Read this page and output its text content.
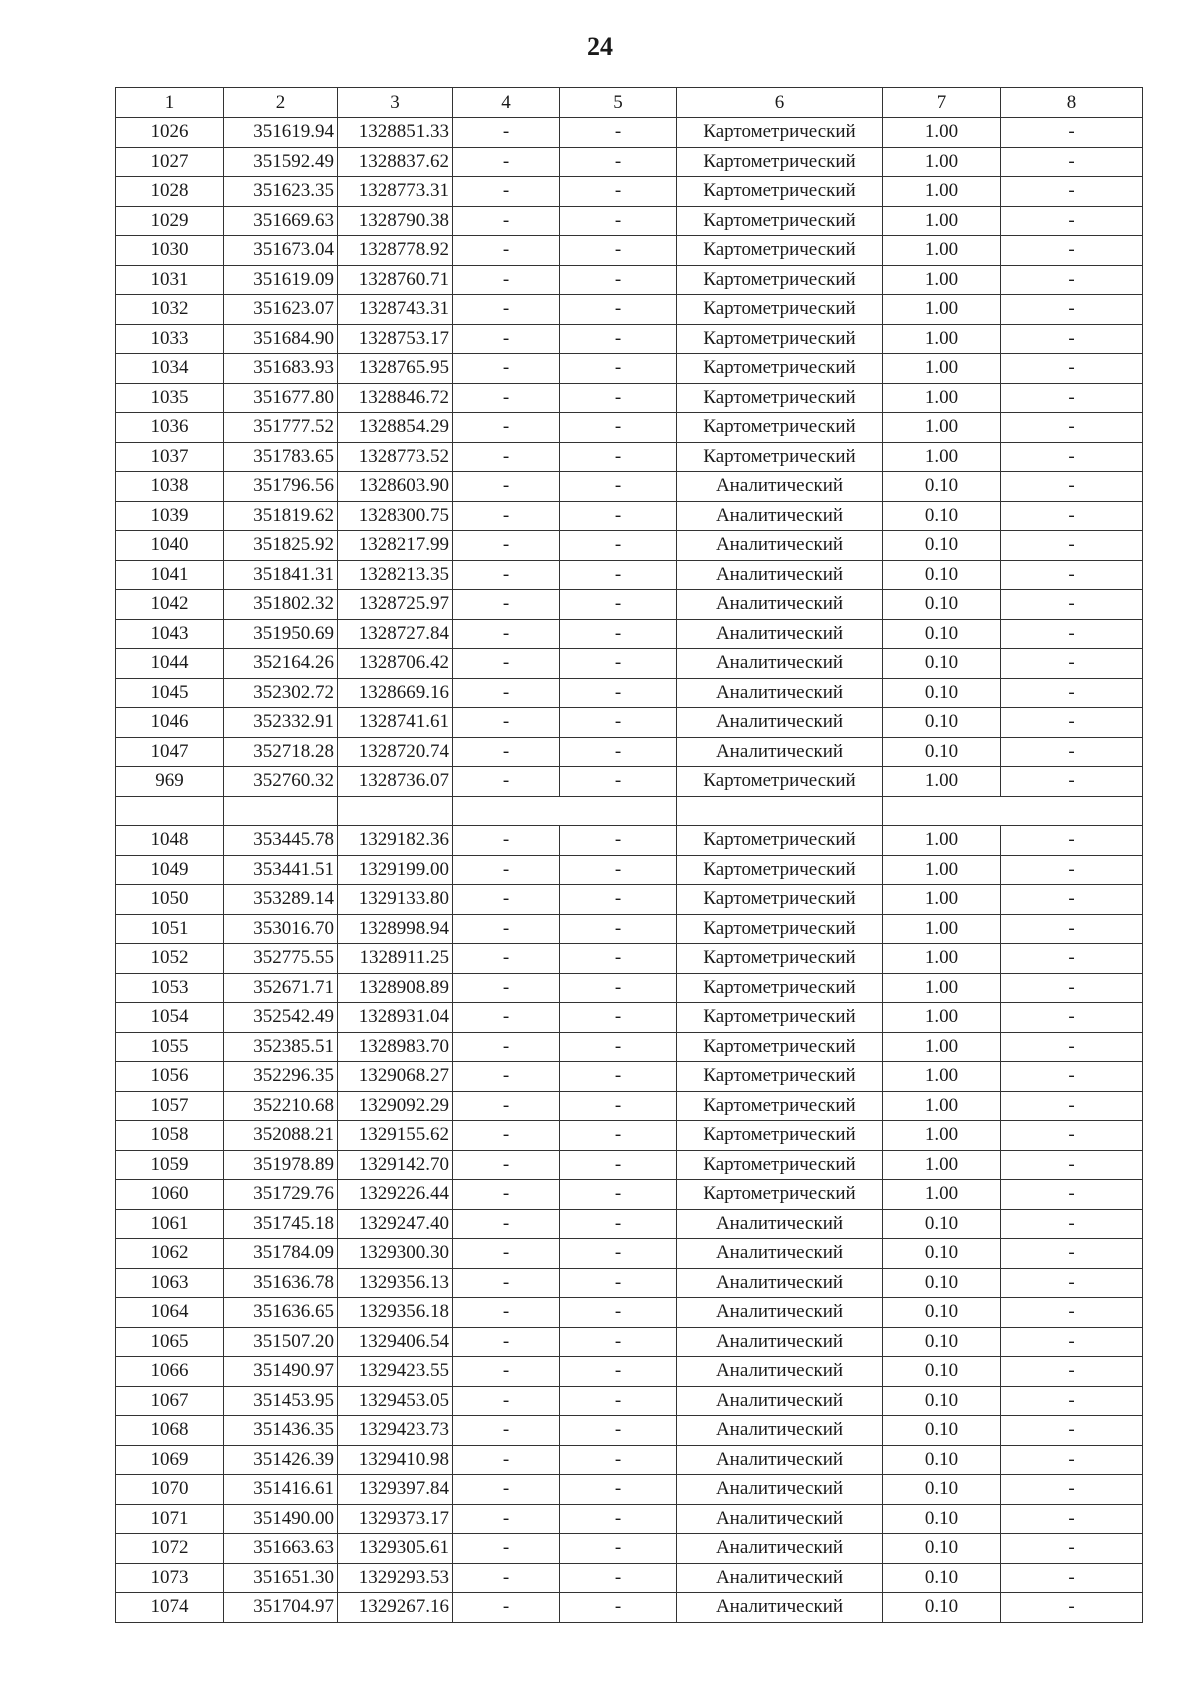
24
1	2	3	4	5	6	7	8
1026	351619.94	1328851.33	-	-	Картометрический	1.00	-
1027	351592.49	1328837.62	-	-	Картометрический	1.00	-
1028	351623.35	1328773.31	-	-	Картометрический	1.00	-
1029	351669.63	1328790.38	-	-	Картометрический	1.00	-
1030	351673.04	1328778.92	-	-	Картометрический	1.00	-
1031	351619.09	1328760.71	-	-	Картометрический	1.00	-
1032	351623.07	1328743.31	-	-	Картометрический	1.00	-
1033	351684.90	1328753.17	-	-	Картометрический	1.00	-
1034	351683.93	1328765.95	-	-	Картометрический	1.00	-
1035	351677.80	1328846.72	-	-	Картометрический	1.00	-
1036	351777.52	1328854.29	-	-	Картометрический	1.00	-
1037	351783.65	1328773.52	-	-	Картометрический	1.00	-
1038	351796.56	1328603.90	-	-	Аналитический	0.10	-
1039	351819.62	1328300.75	-	-	Аналитический	0.10	-
1040	351825.92	1328217.99	-	-	Аналитический	0.10	-
1041	351841.31	1328213.35	-	-	Аналитический	0.10	-
1042	351802.32	1328725.97	-	-	Аналитический	0.10	-
1043	351950.69	1328727.84	-	-	Аналитический	0.10	-
1044	352164.26	1328706.42	-	-	Аналитический	0.10	-
1045	352302.72	1328669.16	-	-	Аналитический	0.10	-
1046	352332.91	1328741.61	-	-	Аналитический	0.10	-
1047	352718.28	1328720.74	-	-	Аналитический	0.10	-
969	352760.32	1328736.07	-	-	Картометрический	1.00	-

1048	353445.78	1329182.36	-	-	Картометрический	1.00	-
1049	353441.51	1329199.00	-	-	Картометрический	1.00	-
1050	353289.14	1329133.80	-	-	Картометрический	1.00	-
1051	353016.70	1328998.94	-	-	Картометрический	1.00	-
1052	352775.55	1328911.25	-	-	Картометрический	1.00	-
1053	352671.71	1328908.89	-	-	Картометрический	1.00	-
1054	352542.49	1328931.04	-	-	Картометрический	1.00	-
1055	352385.51	1328983.70	-	-	Картометрический	1.00	-
1056	352296.35	1329068.27	-	-	Картометрический	1.00	-
1057	352210.68	1329092.29	-	-	Картометрический	1.00	-
1058	352088.21	1329155.62	-	-	Картометрический	1.00	-
1059	351978.89	1329142.70	-	-	Картометрический	1.00	-
1060	351729.76	1329226.44	-	-	Картометрический	1.00	-
1061	351745.18	1329247.40	-	-	Аналитический	0.10	-
1062	351784.09	1329300.30	-	-	Аналитический	0.10	-
1063	351636.78	1329356.13	-	-	Аналитический	0.10	-
1064	351636.65	1329356.18	-	-	Аналитический	0.10	-
1065	351507.20	1329406.54	-	-	Аналитический	0.10	-
1066	351490.97	1329423.55	-	-	Аналитический	0.10	-
1067	351453.95	1329453.05	-	-	Аналитический	0.10	-
1068	351436.35	1329423.73	-	-	Аналитический	0.10	-
1069	351426.39	1329410.98	-	-	Аналитический	0.10	-
1070	351416.61	1329397.84	-	-	Аналитический	0.10	-
1071	351490.00	1329373.17	-	-	Аналитический	0.10	-
1072	351663.63	1329305.61	-	-	Аналитический	0.10	-
1073	351651.30	1329293.53	-	-	Аналитический	0.10	-
1074	351704.97	1329267.16	-	-	Аналитический	0.10	-
